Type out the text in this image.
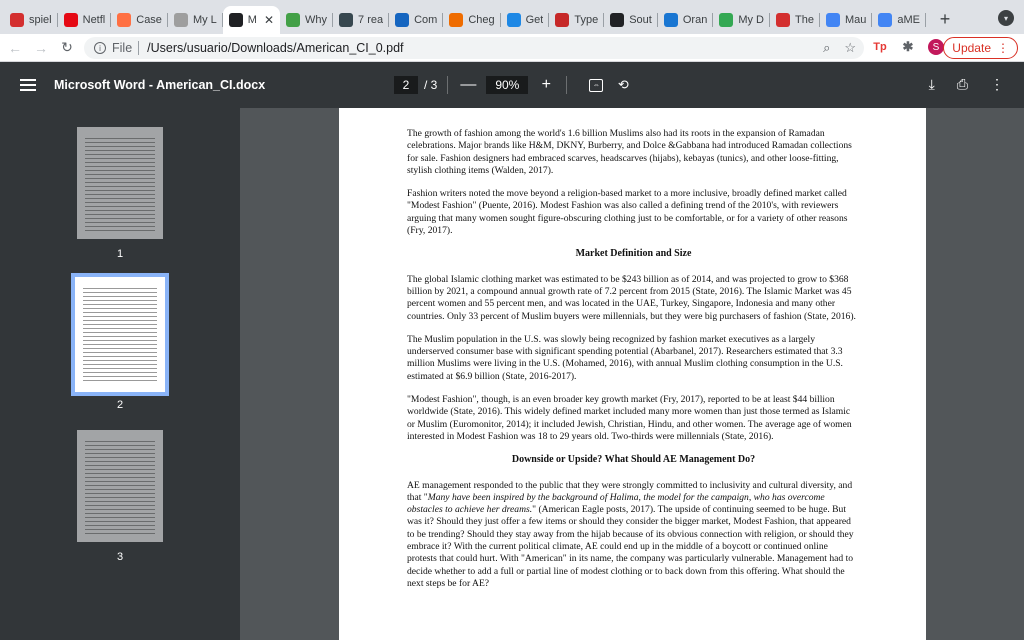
spiel	Netfl	Case	My L	M ✕	Why	7 rea	Com	Cheg	Get	Type	Sout	Oran	My D	The	Mau	aME	+	▾
← → ↻	i File /Users/usuario/Downloads/American_CI_0.pdf	⌕ ☆ Tp ✱	S	Update ⋮
Microsoft Word - American_CI.docx	2	/ 3 —	90%	+	⇔ ⟲	⤓ ⎙ ⋮
1
2
3

The growth of fashion among the world's 1.6 billion Muslims also had its roots in the expansion of Ramadan celebrations. Major brands like H&M, DKNY, Burberry, and Dolce &Gabbana had introduced Ramadan collections for sale. Fashion designers had embraced scarves, headscarves (hijabs), kebayas (tunics), and other loose-fitting, stylish clothing items (Walden, 2017).

Fashion writers noted the move beyond a religion-based market to a more inclusive, broadly defined market called "Modest Fashion" (Puente, 2016). Modest Fashion was also called a defining trend of the 2010's, with reviewers arguing that many women sought figure-obscuring clothing just to be comfortable, or for a variety of other reasons (Fry, 2017).

Market Definition and Size

The global Islamic clothing market was estimated to be $243 billion as of 2014, and was projected to grow to $368 billion by 2021, a compound annual growth rate of 7.2 percent from 2015 (State, 2016). The Islamic Market was 45 percent women and 55 percent men, and was located in the UAE, Turkey, Singapore, Indonesia and many other countries. Only 33 percent of Muslim buyers were millennials, but they were big purchasers of fashion (State, 2016).

The Muslim population in the U.S. was slowly being recognized by fashion market executives as a largely underserved consumer base with significant spending potential (Abarbanel, 2017). Researchers estimated that 3.3 million Muslims were living in the U.S. (Mohamed, 2016), with annual Muslim clothing consumption in the U.S. estimated at $6.9 billion (State, 2016-2017).

"Modest Fashion", though, is an even broader key growth market (Fry, 2017), reported to be at least $44 billion worldwide (State, 2016). This widely defined market included many more women than just those termed as Islamic or Muslim (Euromonitor, 2014); it included Jewish, Christian, Hindu, and other women. The average age of women interested in Modest Fashion was 18 to 29 years old. Two-thirds were millennials (State, 2016).

Downside or Upside? What Should AE Management Do?

AE management responded to the public that they were strongly committed to inclusivity and cultural diversity, and that "Many have been inspired by the background of Halima, the model for the campaign, who has overcome obstacles to achieve her dreams." (American Eagle posts, 2017). The upside of continuing seemed to be huge. But was it? Should they just offer a few items or should they consider the bigger market, Modest Fashion, that appeared to be trending? Should they stay away from the hijab because of its obvious connection with religion, or should they embrace it? With the current political climate, AE could end up in the middle of a boycott or continued online protests that could hurt. With "American" in its name, the company was particularly vulnerable. Management had to decide whether to add a full or partial line of modest clothing or to back down from this offering. What should the next steps be for AE?
